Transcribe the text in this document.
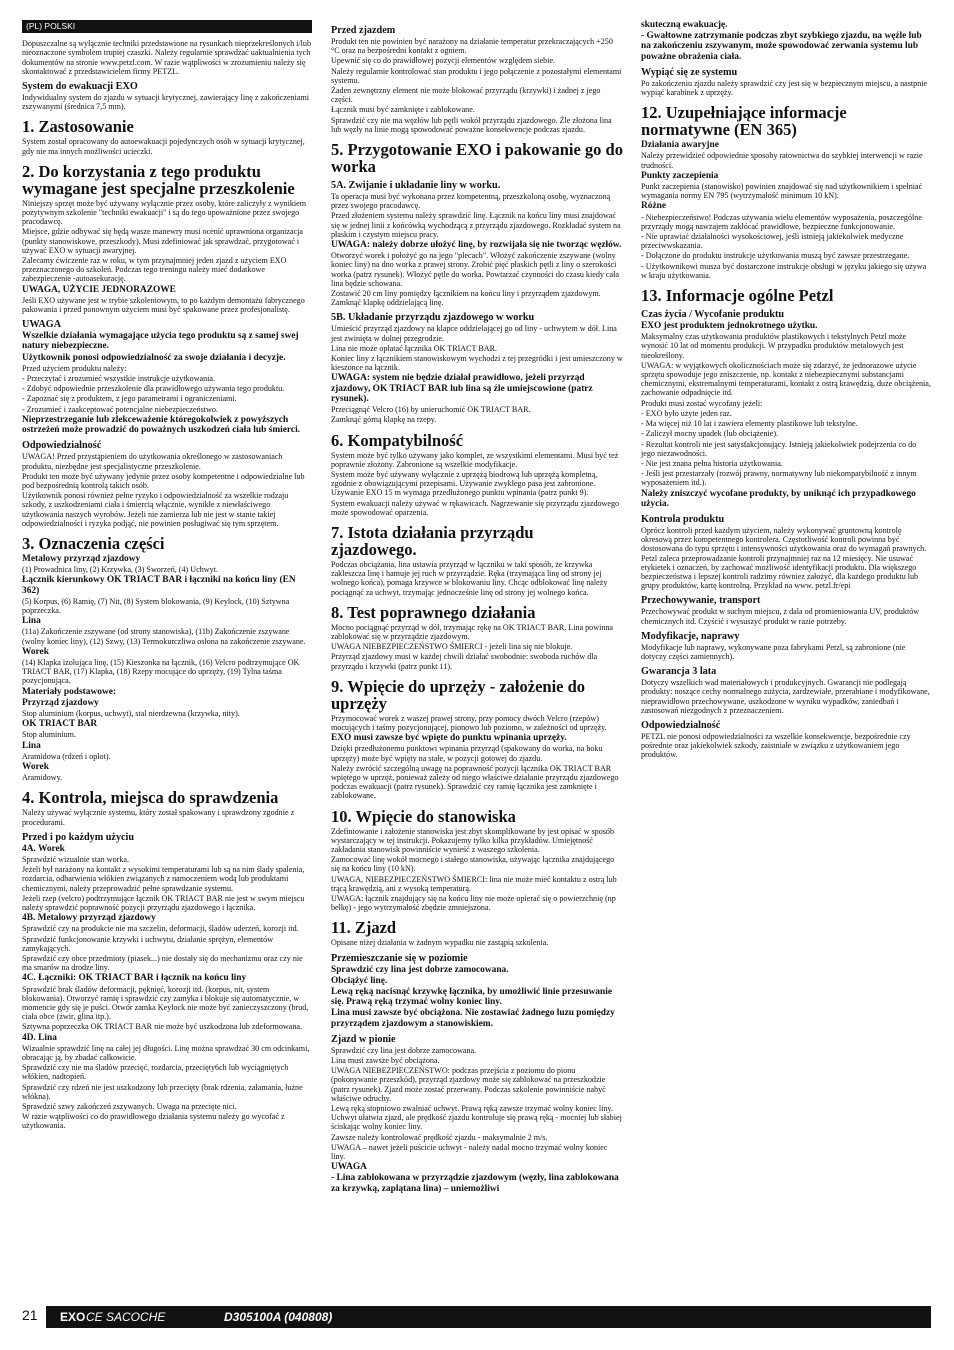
(PL) POLSKI

Dopuszczalne są wyłącznie techniki przedstawione na rysunkach nieprzekreślonych i/lub nieoznaczone symbolem trupiej czaszki. Należy regularnie sprawdzać uaktualnienia tych dokumentów na stronie www.petzl.com. W razie wątpliwości w zrozumieniu należy się skontaktować z przedstawicielem firmy PETZL.

System do ewakuacji EXO

Indywidualny system do zjazdu w sytuacji krytycznej, zawierający linę z zakończeniami zszywanymi (średnica 7,5 mm).

1. Zastosowanie

System został opracowany do autoewakuacji pojedynczych osób w sytuacji krytycznej, gdy nie ma innych możliwości ucieczki.

2. Do korzystania z tego produktu wymagane jest specjalne przeszkolenie

Niniejszy sprzęt może być używany wyłącznie przez osoby, które zaliczyły z wynikiem pozytywnym szkolenie "techniki ewakuacji" i są do tego upoważnione przez swojego pracodawcę.

Miejsce, gdzie odbywać się będą wasze manewry musi ocenić uprawniona organizacja (punkty stanowiskowe, przeszkody). Musi zdefiniować jak sprawdzać, przygotować i używać EXO w sytuacji awaryjnej.

Zalecamy ćwiczenie raz w roku, w tym przynajmniej jeden zjazd z użyciem EXO przeznaczonego do szkoleń. Podczas tego treningu należy mieć dodatkowe zabezpieczenie -autoasekurację.

UWAGA, UŻYCIE JEDNORAZOWE

Jeśli EXO używane jest w trybie szkoleniowym, to po każdym demontażu fabrycznego pakowania i przed ponownym użyciem musi być spakowane przez profesjonalistę.

UWAGA

Wszelkie działania wymagające użycia tego produktu są z samej swej natury niebezpieczne.

Użytkownik ponosi odpowiedzialność za swoje działania i decyzje.

Przed użyciem produktu należy:

- Przeczytać i zrozumieć wszystkie instrukcje użytkowania.

- Zdobyć odpowiednie przeszkolenie dla prawidłowego używania tego produktu.

- Zapoznać się z produktem, z jego parametrami i ograniczeniami.

- Zrozumieć i zaakceptować potencjalne niebezpieczeństwo.

Nieprzestrzeganie lub zlekceważenie któregokolwiek z powyższych ostrzeżeń może prowadzić do poważnych uszkodzeń ciała lub śmierci.

Odpowiedzialność

UWAGA! Przed przystąpieniem do użytkowania określonego w zastosowaniach produktu, niezbędne jest specjalistyczne przeszkolenie.

Produkt ten może być używany jedynie przez osoby kompetentne i odpowiedzialne lub pod bezpośrednią kontrolą takich osób.

Użytkownik ponosi również pełne ryzyko i odpowiedzialność za wszelkie rodzaju szkody, z uszkodzeniami ciała i śmiercią włącznie, wynikłe z niewłaściwego użytkowania naszych wyrobów. Jeżeli nie zamierza lub nie jest w stanie takiej odpowiedzialności i ryzyka podjąć, nie powinien posługiwać się tym sprzętem.

3. Oznaczenia części

Metalowy przyrząd zjazdowy

(1) Prowadnica liny, (2) Krzywka, (3) Sworzeń, (4) Uchwyt.

Łącznik kierunkowy OK TRIACT BAR i łączniki na końcu liny (EN 362)

(5) Korpus, (6) Ramię, (7) Nit, (8) System blokowania, (9) Keylock, (10) Sztywna poprzeczka.

Lina

(11a) Zakończenie zszywane (od strony stanowiska), (11b) Zakończenie zszywane (wolny koniec liny), (12) Szwy, (13) Termokurczliwa osłona na zakończenie zszywane.

Worek

(14) Klapka izolująca linę, (15) Kieszonka na łącznik, (16) Velcro podtrzymujące OK TRIACT BAR, (17) Klapka, (18) Rzepy mocujące do uprzęży, (19) Tylna taśma pozycjonująca.

Materiały podstawowe:

Przyrząd zjazdowy

Stop aluminium (korpus, uchwyt), stal nierdzewna (krzywka, nity).

OK TRIACT BAR

Stop aluminium.

Lina

Aramidowa (rdzeń i oplot).

Worek

Aramidowy.

4. Kontrola, miejsca do sprawdzenia

Należy używać wyłącznie systemu, który został spakowany i sprawdzony zgodnie z procedurami.

Przed i po każdym użyciu

4A. Worek

Sprawdzić wizualnie stan worka.

Jeżeli był narażony na kontakt z wysokimi temperaturami lub są na nim ślady spalenia, rozdarcia, odbarwienia włókien związanych z namoczeniem wodą lub produktami chemicznymi, należy przeprowadzić pełne sprawdzanie systemu.

Jeżeli rzep (velcro) podtrzymujące łącznik OK TRIACT BAR nie jest w swym miejscu należy sprawdzić poprawność pozycji przyrządu zjazdowego i łącznika.

4B. Metalowy przyrząd zjazdowy

Sprawdzić czy na produkcie nie ma szczelin, deformacji, śladów uderzeń, korozji itd.

Sprawdzić funkcjonowanie krzywki i uchwytu, działanie sprężyn, elementów zamykających.

Sprawdzić czy obce przedmioty (piasek...) nie dostały się do mechanizmu oraz czy nie ma smarów na drodze liny.

4C. Łączniki: OK TRIACT BAR i łącznik na końcu liny

Sprawdzić brak śladów deformacji, pęknięć, korozji itd. (korpus, nit, system blokowania). Otworzyć ramię i sprawdzić czy zamyka i blokuje się automatycznie, w momencie gdy się je puści. Otwór zamka Keylock nie może być zanieczyszczony (brud, ciała obce (żwir, glina itp.).

Sztywna poprzeczka OK TRIACT BAR nie może być uszkodzona lub zdeformowana.

4D. Lina

Wizualnie sprawdzić linę na całej jej długości. Linę można sprawdzać 30 cm odcinkami, obracając ją, by zbadać całkowicie.

Sprawdzić czy nie ma śladów przecięć, rozdarcia, przecięty6ch lub wyciągniętych włókien, nadtopień.

Sprawdzić czy rdzeń nie jest uszkodzony lub przecięty (brak rdzenia, załamania, łużne włókna).

Sprawdzić szwy zakończeń zszywanych. Uwaga na przecięte nici.

W razie wątpliwości co do prawidłowego działania systemu należy go wycofać z użytkowania.

Przed zjazdem

Produkt ten nie powinien być narażony na działanie temperatur przekraczających +250 °C oraz na bezpośredni kontakt z ogniem.

Upewnić się co do prawidłowej pozycji elementów względem siebie.

Należy regularnie kontrolować stan produktu i jego połączenie z pozostałymi elementami systemu.

Żaden zewnętrzny element nie może blokować przyrządu (krzywki) i żadnej z jego części.

Łącznik musi być zamknięte i zablokowane.

Sprawdzić czy nie ma węzłów lub pętli wokół przyrządu zjazdowego. Źle złożona lina lub węzły na linie mogą spowodować poważne konsekwencje podczas zjazdu.

5. Przygotowanie EXO i pakowanie go do worka
5A. Zwijanie i układanie liny w worku.

Ta operacja musi być wykonana przez kompetentną, przeszkoloną osobę, wyznaczoną przez swojego pracodawcę.

Przed złożeniem systemu należy sprawdzić linę. Łącznik na końcu liny musi znajdować się w jednej linii z końcówką wychodzącą z przyrządu zjazdowego. Rozkładać system na płaskim i czystym miejscu pracy.

UWAGA: należy dobrze ułożyć linę, by rozwijała się nie tworząc węzłów.

Otworzyć worek i położyć go na jego "plecach". Włożyć zakończenie zszywane (wolny koniec liny) na dno worka z prawej strony. Zrobić pięć płaskich pętli z liny o szerokości worka (patrz rysunek). Włożyć pętle do worka. Powtarzać czynności do czasu kiedy cała lina będzie schowana.

Zostawić 20 cm liny pomiędzy łącznikiem na końcu liny i przyrządem zjazdowym. Zamknąć klapkę oddzielającą linę.

5B. Układanie przyrządu zjazdowego w worku

Umieścić przyrząd zjazdowy na klapce oddzielającej go od liny - uchwytem w dół. Lina jest zwinięta w dolnej przegrodzie.

Lina nie może opłatać łącznika OK TRIACT BAR.

Koniec liny z łącznikiem stanowiskowym wychodzi z tej przegródki i jest umieszczony w kieszonce na łącznik.

UWAGA: system nie będzie działał prawidłowo, jeżeli przyrząd zjazdowy, OK TRIACT BAR lub lina są źle umiejscowione (patrz rysunek).

Przeciągnąć Velcro (16) by unieruchomić OK TRIACT BAR.

Zamknąć górną klapkę na rzepy.

6. Kompatybilność

System może być tylko używany jako komplet, ze wszystkimi elementami. Musi być też poprawnie złożony. Zabronione są wszelkie modyfikacje.

System może być używany wyłącznie z uprzężą biodrową lub uprzężą kompletną, zgodnie z obowiązującymi przepisami. Używanie zwykłego pasa jest zabronione. Używanie EXO 15 m wymaga przedłużonego punktu wpinania (patrz punkt 9).

System ewakuacji należy używać w rękawicach. Nagrzewanie się przyrządu zjazdowego może spowodować oparzenia.

7. Istota działania przyrządu zjazdowego.

Podczas obciążania, lina ustawia przyrząd w łączniku w taki sposób, że krzywka zakleszcza linę i hamuje jej ruch w przyrządzie. Ręka (trzymająca linę od strony jej wolnego końca), pomaga krzywce w blokowaniu liny. Chcąc odblokować linę należy pociągnąć za uchwyt, trzymając jednocześnie linę od strony jej wolnego końca.

8. Test poprawnego działania

Mocno pociągnąć przyrząd w dół, trzymając rękę na OK TRIACT BAR. Lina powinna zablokować się w przyrządzie zjazdowym.

UWAGA NIEBEZPIECZEŃSTWO ŚMIERCI - jeżeli lina się nie blokuje.

Przyrząd zjazdowy musi w każdej chwili działać swobodnie: swoboda ruchów dla przyrządu i krzywki (patrz punkt 11).

9. Wpięcie do uprzęży - założenie do uprzęży

Przymocować worek z waszej prawej strony, przy pomocy dwóch Velcro (rzepów) mocujących i taśmy pozycjonującej, pionowo lub poziomo, w zależności od uprzęży.

EXO musi zawsze być wpięte do punktu wpinania uprzęży.

Dzięki przedłużonemu punktowi wpinania przyrząd (spakowany do worka, na boku uprzęży) może być wpięty na stałe, w pozycji gotowej do zjazdu.

Należy zwrócić szczególną uwagę na poprawność pozycji łącznika OK TRIACT BAR wpiętego w uprzęż, ponieważ zależy od niego właściwe działanie przyrządu zjazdowego podczas ewakuacji (patrz rysunek). Sprawdzić czy ramię łącznika jest zamknięte i zablokowane.

10. Wpięcie do stanowiska

Zdefiniowanie i założenie stanowiska jest zbyt skomplikowane by jest opisać w sposób wystarczający w tej instrukcji. Pokazujemy tylko kilka przykładów. Umiejętność zakładania stanowisk powinniście wynieść z waszego szkolenia.

Zamocować linę wokół mocnego i stałego stanowiska, używając łącznika znajdującego się na końcu liny (10 kN).

UWAGA, NIEBEZPIECZEŃSTWO ŚMIERCI: lina nie może mieć kontaktu z ostrą lub trącą krawędzią, ani z wysoką temperaturą.

UWAGA: łącznik znajdujący się na końcu liny nie może opierać się o powierzchnię (np belkę) - jego wytrzymałość zbędzie zmniejszona.

11. Zjazd

Opisane niżej działania w żadnym wypadku nie zastąpią szkolenia.

Przemieszczanie się w poziomie

Sprawdzić czy lina jest dobrze zamocowana.

Obciążyć linę.

Lewą ręką nacisnąć krzywkę łącznika, by umożliwić linie przesuwanie się. Prawą ręką trzymać wolny koniec liny.

Lina musi zawsze być obciążona. Nie zostawiać żadnego luzu pomiędzy przyrządem zjazdowym a stanowiskiem.

Zjazd w pionie

Sprawdzić czy lina jest dobrze zamocowana.

Lina musi zawsze być obciążona.

UWAGA NIEBEZPIECZEŃSTWO: podczas przejścia z poziomu do pionu (pokonywanie przeszkód), przyrząd zjazdowy może się zablokować na przeszkodzie (patrz rysunek). Zjazd może zostać przerwany. Podczas szkolenie powinniście nabyć właściwe odruchy.

Lewą ręką stopniowo zwalniać uchwyt. Prawą ręką zawsze trzymać wolny koniec liny. Uchwyt ułatwia zjazd, ale prędkość zjazdu kontroluje się prawą ręką - mocniej lub słabiej ściskając wolny koniec liny.

Zawsze należy kontrolować prędkość zjazdu - maksymalnie 2 m/s.

UWAGA – nawet jeżeli puścicie uchwyt - należy nadal mocno trzymać wolny koniec liny.

UWAGA

- Lina zablokowana w przyrządzie zjazdowym (węzły, lina zablokowana za krzywką, zaplątana lina) – uniemożliwi

skuteczną ewakuację.

- Gwałtowne zatrzymanie podczas zbyt szybkiego zjazdu, na węźle lub na zakończeniu zszywanym, może spowodować zerwania systemu lub poważne obrażenia ciała.

Wypiąć się ze systemu

Po zakończeniu zjazdu należy sprawdzić czy jest się w bezpiecznym miejscu, a nastpnie wypiąć karabinek z uprzęży.

12. Uzupełniające informacje normatywne (EN 365)

Działania awaryjne

Należy przewidzieć odpowiednie sposoby ratownictwa do szybkiej interwencji w razie trudności.

Punkty zaczepienia

Punkt zaczepienia (stanowisko) powinien znajdować się nad użytkownikiem i spełniać wymagania normy EN 795 (wytrzymałość minimum 10 kN).

Różne

- Niebezpieczeństwo! Podczas używania wielu elementów wyposażenia, poszczególne przyrządy mogą nawzajem zakłócać prawidłowe, bezpieczne funkcjonowanie.

- Nie uprawiać działalności wysokościowej, jeśli istnieją jakiekolwiek medyczne przeciwwskazania.

- Dołączone do produktu instrukcje użytkowania muszą być zawsze przestrzegane.

- Użytkownikowi musza być dostarczone instrukcje obsługi w języku jakiego się używa w kraju użytkowania.

13. Informacje ogólne Petzl
Czas życia / Wycofanie produktu

EXO jest produktem jednokrotnego użytku.

Maksymalny czas użytkowania produktów plastikowych i tekstylnych Petzl może wynosić 10 lat od momentu produkcji. W przypadku produktów metalowych jest nieokreślony.

UWAGA: w wyjątkowych okolicznościach może się zdarzyć, że jednorazowe użycie sprzętu spowoduje jego zniszczenie, np. kontakt z niebezpiecznymi substancjami chemicznymi, ekstremalnymi temperaturami, kontakt z ostrą krawędzią, duże obciążenia, zachowanie odpadnięcie itd.

Produkt musi zostać wycofany jeżeli:

- EXO było użyte jeden raz.

- Ma więcej niż 10 lat i zawiera elementy plastikowe lub tekstylne.

- Zaliczył mocny upadek (lub obciążenie).

- Rezultat kontroli nie jest satysfakcjonujący. Istnieją jakiekolwiek podejrzenia co do jego niezawodności.

- Nie jest znana pełna historia użytkowania.

- Jeśli jest przestarzały (rozwój prawny, normatywny lub niekompatybilność z innym wyposażeniem itd.).

Należy zniszczyć wycofane produkty, by uniknąć ich przypadkowego użycia.

Kontrola produktu

Oprócz kontroli przed każdym użyciem, należy wykonywać gruntowną kontrolę okresową przez kompetentnego kontrolera. Częstotliwość kontroli powinna być dostosowana do typu sprzętu i intensywności użytkowania oraz do wymagań prawnych. Petzl zaleca przeprowadzanie kontroli przynajmniej raz na 12 miesięcy. Nie usuwać etykietek i oznaczeń, by zachować możliwość identyfikacji produktu. Dla większego bezpieczeństwa i lepszej kontroli radzimy równiez założyć, dla każdego produktu lub grupy produktów, kartę kontrolną. Przykład na www. petzl.fr/epi

Przechowywanie, transport

Przechowywać produkt w suchym miejscu, z dala od promieniowania UV, produktów chemicznych itd. Czyścić i wysuszyć produkt w razie potrzeby.

Modyfikacje, naprawy

Modyfikacje lub naprawy, wykonywane poza fabrykami Petzl, są zabronione (nie dotyczy części zamiennych).

Gwarancja 3 lata

Dotyczy wszelkich wad materiałowych i produkcyjnych. Gwarancji nie podlegają produkty: noszące cechy normalnego zużycia, zardzewiałe, przerabiane i modyfikowane, nieprawidłowo przechowywane, uszkodzone w wyniku wypadków, zaniedbań i zastosowań niezgodnych z przeznaczeniem.

Odpowiedzialność

PETZL nie ponosi odpowiedzialności za wszelkie konsekwencje, bezpośrednie czy pośrednie oraz jakiekolwiek szkody, zaistniałe w związku z użytkowaniem jego produktów.

21 EXO CE SACOCHE	D305100A (040808)
